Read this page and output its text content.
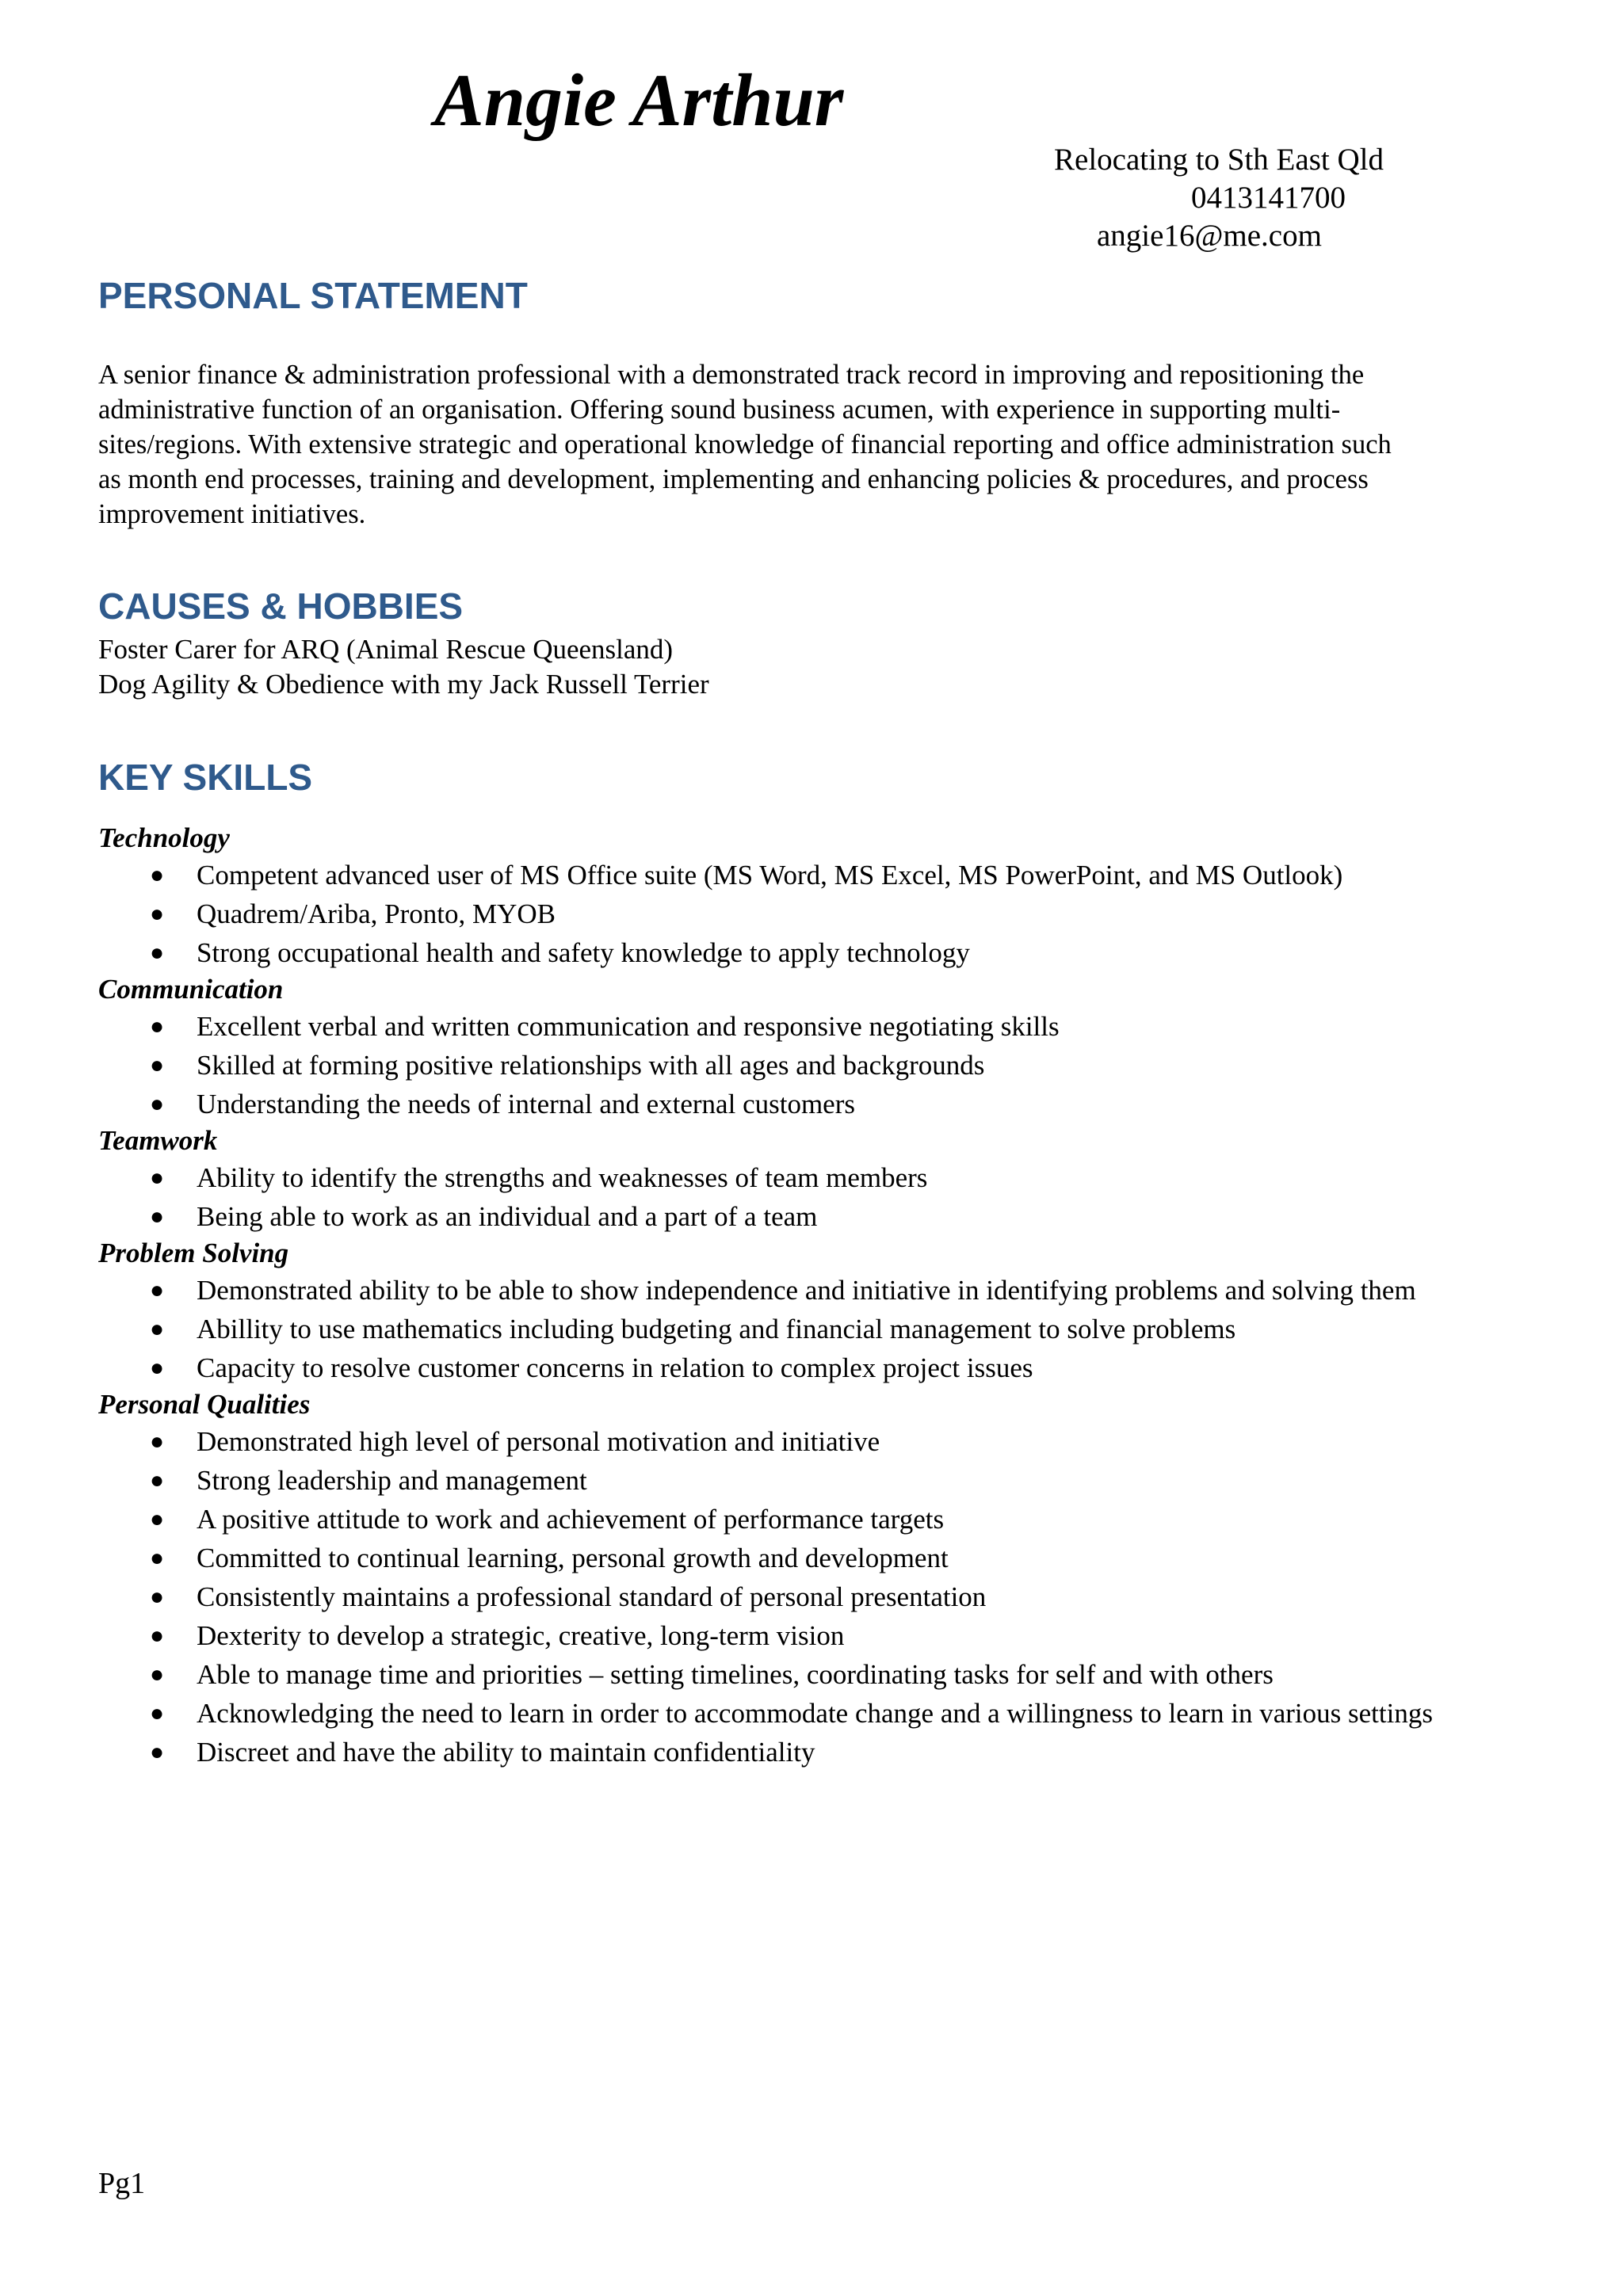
Angie Arthur
Relocating to Sth East Qld
0413141700
angie16@me.com
PERSONAL STATEMENT

A senior finance & administration professional with a demonstrated track record in improving and repositioning the
administrative function of an organisation. Offering sound business acumen, with experience in supporting multi-
sites/regions. With extensive strategic and operational knowledge of financial reporting and office administration such
as month end processes, training and development, implementing and enhancing policies & procedures, and process
improvement initiatives.

CAUSES & HOBBIES
Foster Carer for ARQ (Animal Rescue Queensland)
Dog Agility & Obedience with my Jack Russell Terrier
KEY SKILLS
Technology
● Competent advanced user of MS Office suite (MS Word, MS Excel, MS PowerPoint, and MS Outlook)
● Quadrem/Ariba, Pronto, MYOB
● Strong occupational health and safety knowledge to apply technology
Communication
● Excellent verbal and written communication and responsive negotiating skills
● Skilled at forming positive relationships with all ages and backgrounds
● Understanding the needs of internal and external customers
Teamwork
● Ability to identify the strengths and weaknesses of team members
● Being able to work as an individual and a part of a team
Problem Solving
● Demonstrated ability to be able to show independence and initiative in identifying problems and solving them
● Abillity to use mathematics including budgeting and financial management to solve problems
● Capacity to resolve customer concerns in relation to complex project issues
Personal Qualities
● Demonstrated high level of personal motivation and initiative
● Strong leadership and management
● A positive attitude to work and achievement of performance targets
● Committed to continual learning, personal growth and development
● Consistently maintains a professional standard of personal presentation
● Dexterity to develop a strategic, creative, long-term vision
● Able to manage time and priorities – setting timelines, coordinating tasks for self and with others
● Acknowledging the need to learn in order to accommodate change and a willingness to learn in various settings
● Discreet and have the ability to maintain confidentiality
Pg1
